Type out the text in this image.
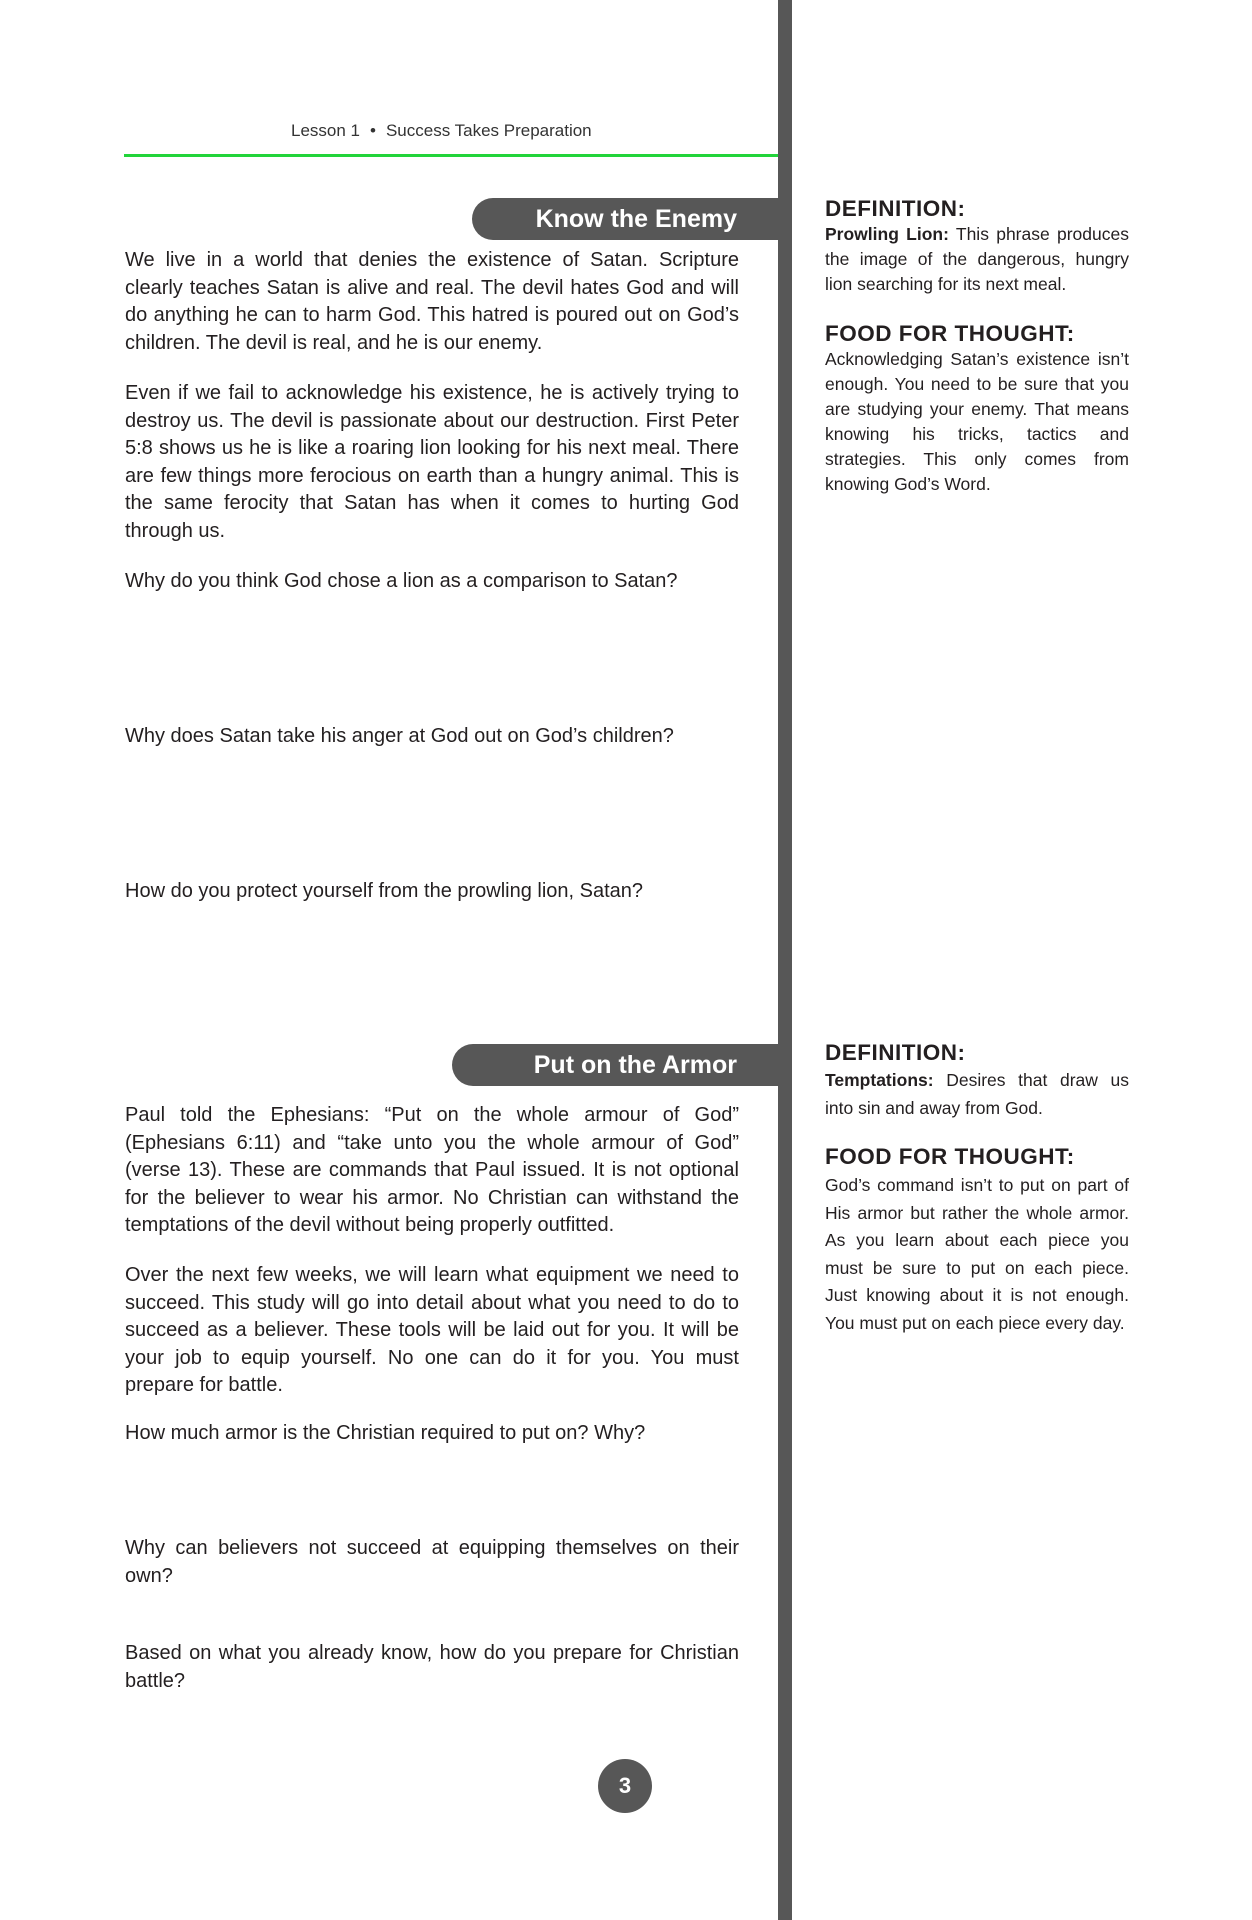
Lesson 1 • Success Takes Preparation
Know the Enemy

We live in a world that denies the existence of Satan. Scripture clearly teaches Satan is alive and real. The devil hates God and will do anything he can to harm God. This hatred is poured out on God’s children. The devil is real, and he is our enemy.

Even if we fail to acknowledge his existence, he is actively trying to destroy us. The devil is passionate about our destruction. First Peter 5:8 shows us he is like a roaring lion looking for his next meal. There are few things more ferocious on earth than a hungry animal. This is the same ferocity that Satan has when it comes to hurting God through us.

Why do you think God chose a lion as a comparison to Satan?
Why does Satan take his anger at God out on God’s children?
How do you protect yourself from the prowling lion, Satan?
DEFINITION:

Prowling Lion: This phrase produces the image of the dangerous, hungry lion searching for its next meal.

FOOD FOR THOUGHT:

Acknowledging Satan’s existence isn’t enough. You need to be sure that you are studying your enemy. That means knowing his tricks, tactics and strategies. This only comes from knowing God’s Word.

Put on the Armor

Paul told the Ephesians: “Put on the whole armour of God” (Ephesians 6:11) and “take unto you the whole armour of God” (verse 13). These are commands that Paul issued. It is not optional for the believer to wear his armor. No Christian can withstand the temptations of the devil without being properly outfitted.

Over the next few weeks, we will learn what equipment we need to succeed. This study will go into detail about what you need to do to succeed as a believer. These tools will be laid out for you. It will be your job to equip yourself. No one can do it for you. You must prepare for battle.

How much armor is the Christian required to put on? Why?
Why can believers not succeed at equipping themselves on their own?
Based on what you already know, how do you prepare for Christian battle?
DEFINITION:

Temptations: Desires that draw us into sin and away from God.

FOOD FOR THOUGHT:

God’s command isn’t to put on part of His armor but rather the whole armor. As you learn about each piece you must be sure to put on each piece. Just knowing about it is not enough. You must put on each piece every day.

3
